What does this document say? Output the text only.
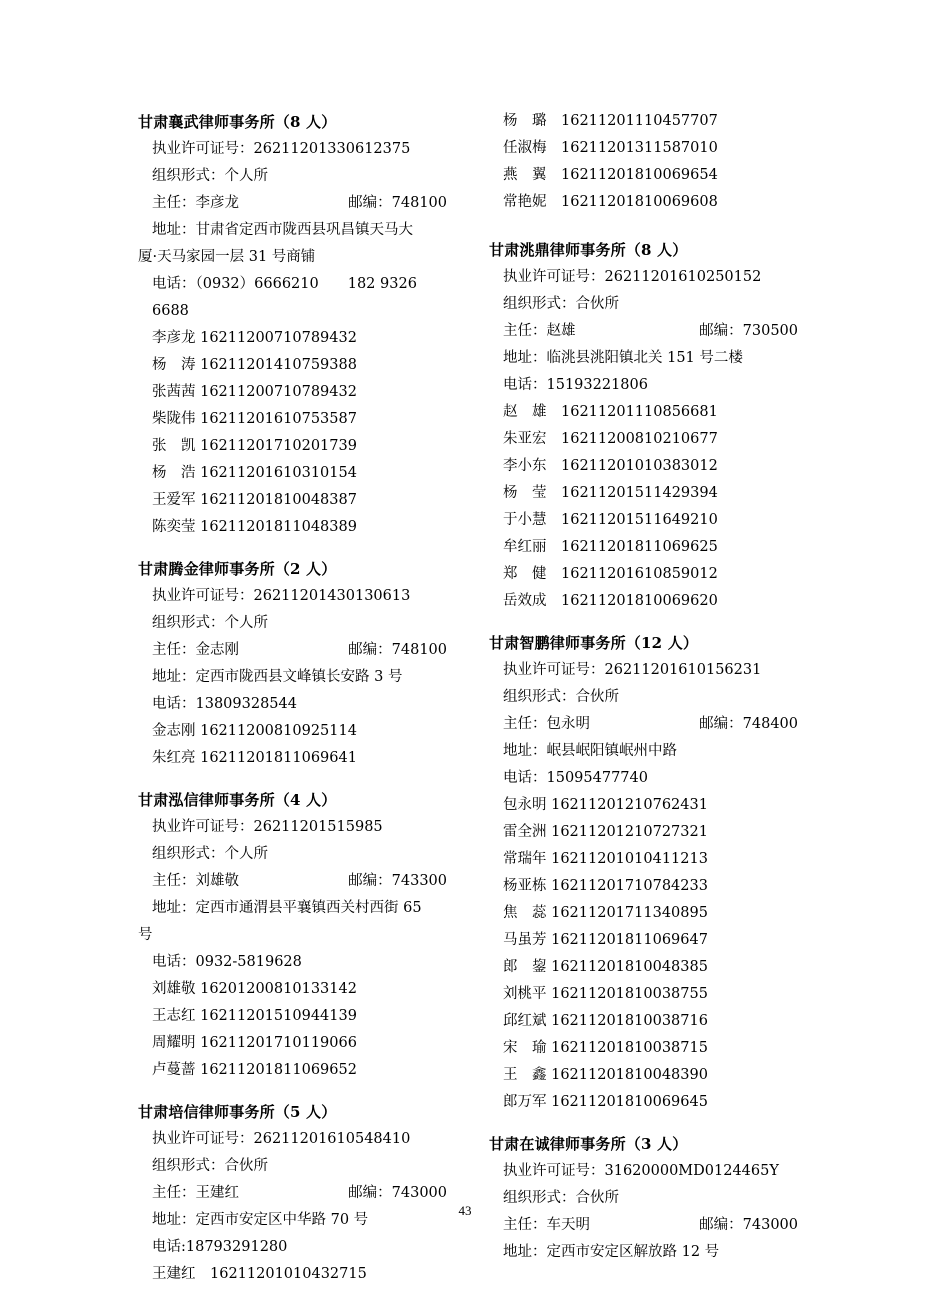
甘肃襄武律师事务所（8 人）
执业许可证号：26211201330612375
组织形式：个人所
主任：李彦龙	邮编：748100
地址：甘肃省定西市陇西县巩昌镇天马大
厦·天马家园一层 31 号商铺
电话：（0932）6666210　　182 9326 6688
李彦龙 16211200710789432
杨　涛 16211201410759388
张茜茜 16211200710789432
柴陇伟 16211201610753587
张　凯 16211201710201739
杨　浩 16211201610310154
王爱军 16211201810048387
陈奕莹 16211201811048389
甘肃腾金律师事务所（2 人）
执业许可证号：26211201430130613
组织形式：个人所
主任：金志刚	邮编：748100
地址：定西市陇西县文峰镇长安路 3 号
电话：13809328544
金志刚 16211200810925114
朱红亮 16211201811069641
甘肃泓信律师事务所（4 人）
执业许可证号：26211201515985
组织形式：个人所
主任：刘雄敬	邮编：743300
地址：定西市通渭县平襄镇西关村西街 65
号
电话：0932-5819628
刘雄敬 16201200810133142
王志红 16211201510944139
周耀明 16211201710119066
卢蔓蔷 16211201811069652
甘肃培信律师事务所（5 人）
执业许可证号：26211201610548410
组织形式：合伙所
主任：王建红	邮编：743000
地址：定西市安定区中华路 70 号
电话:18793291280
王建红　16211201010432715
杨　璐　16211201110457707
任淑梅　16211201311587010
燕　翼　16211201810069654
常艳妮　16211201810069608
甘肃洮鼎律师事务所（8 人）
执业许可证号：26211201610250152
组织形式：合伙所
主任：赵雄	邮编：730500
地址：临洮县洮阳镇北关 151 号二楼
电话：15193221806
赵　雄　16211201110856681
朱亚宏　16211200810210677
李小东　16211201010383012
杨　莹　16211201511429394
于小慧　16211201511649210
牟红丽　16211201811069625
郑　健　16211201610859012
岳效成　16211201810069620
甘肃智鹏律师事务所（12 人）
执业许可证号：26211201610156231
组织形式：合伙所
主任：包永明	邮编：748400
地址：岷县岷阳镇岷州中路
电话：15095477740
包永明 16211201210762431
雷全洲 16211201210727321
常瑞年 16211201010411213
杨亚栋 16211201710784233
焦　蕊 16211201711340895
马虽芳 16211201811069647
郎　鋆 16211201810048385
刘桃平 16211201810038755
邱红斌 16211201810038716
宋　瑜 16211201810038715
王　鑫 16211201810048390
郎万军 16211201810069645
甘肃在诚律师事务所（3 人）
执业许可证号：31620000MD0124465Y
组织形式：合伙所
主任：车天明	邮编：743000
地址：定西市安定区解放路 12 号
43
